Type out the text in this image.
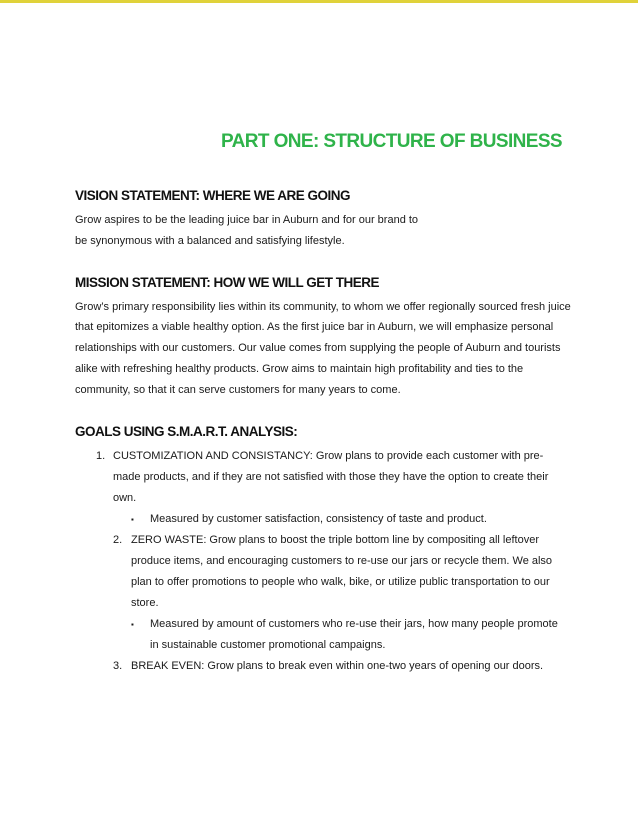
PART ONE: STRUCTURE OF BUSINESS
VISION STATEMENT: WHERE WE ARE GOING

Grow aspires to be the leading juice bar in Auburn and for our brand to
be synonymous with a balanced and satisfying lifestyle.

MISSION STATEMENT: HOW WE WILL GET THERE

Grow’s primary responsibility lies within its community, to whom we offer regionally sourced fresh juice that epitomizes a viable healthy option. As the first juice bar in Auburn, we will emphasize personal relationships with our customers. Our value comes from supplying the people of Auburn and tourists alike with refreshing healthy products. Grow aims to maintain high profitability and ties to the community, so that it can serve customers for many years to come.

GOALS USING S.M.A.R.T. ANALYSIS:
1. CUSTOMIZATION AND CONSISTANCY: Grow plans to provide each customer with pre-made products, and if they are not satisfied with those they have the option to create their own.
▪ Measured by customer satisfaction, consistency of taste and product.
2. ZERO WASTE: Grow plans to boost the triple bottom line by compositing all leftover produce items, and encouraging customers to re-use our jars or recycle them. We also plan to offer promotions to people who walk, bike, or utilize public transportation to our store.
▪ Measured by amount of customers who re-use their jars, how many people promote in sustainable customer promotional campaigns.
3. BREAK EVEN: Grow plans to break even within one-two years of opening our doors.
